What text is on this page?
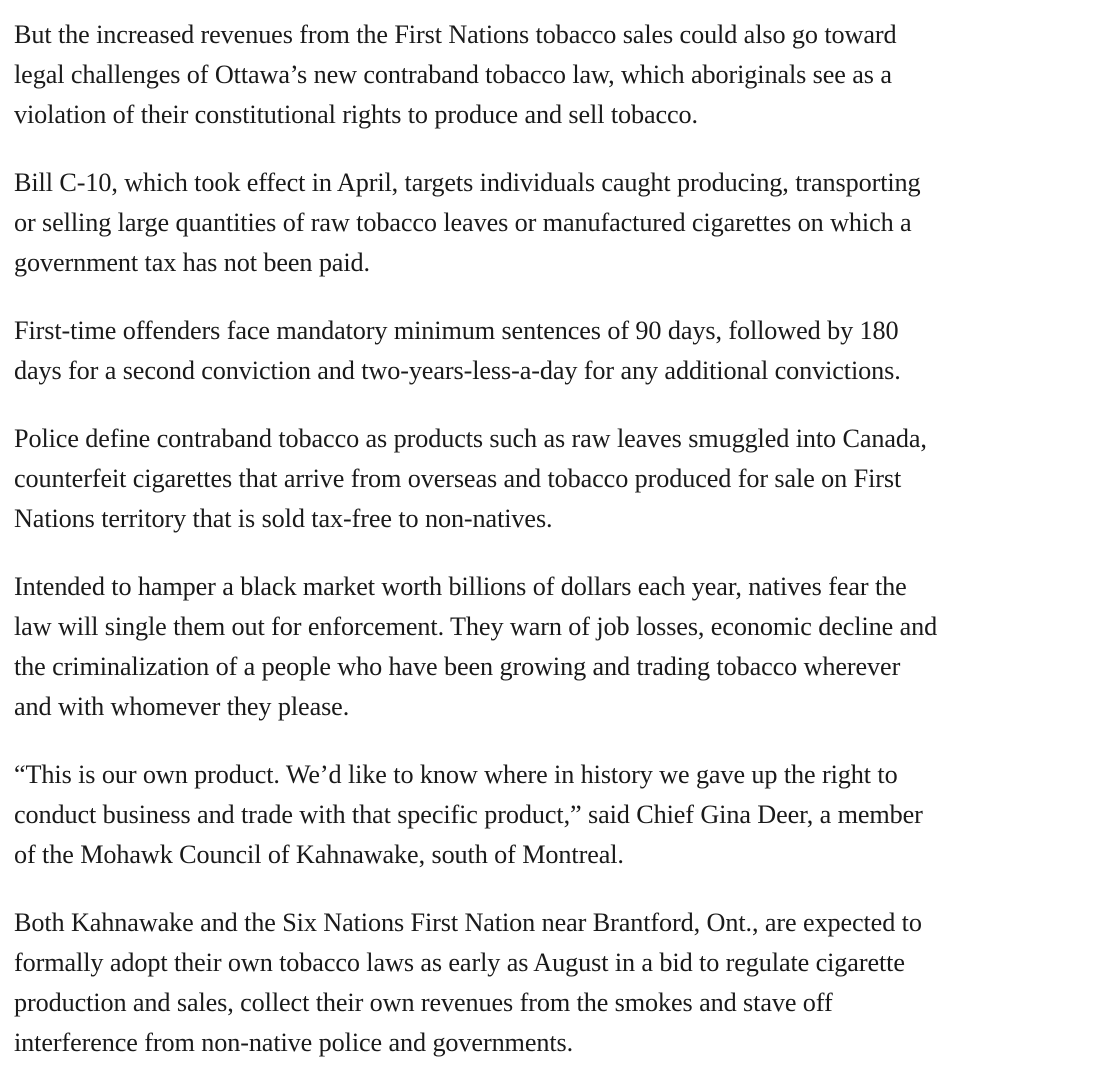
But the increased revenues from the First Nations tobacco sales could also go toward
legal challenges of Ottawa’s new contraband tobacco law, which aboriginals see as a
violation of their constitutional rights to produce and sell tobacco.

Bill C-10, which took effect in April, targets individuals caught producing, transporting
or selling large quantities of raw tobacco leaves or manufactured cigarettes on which a
government tax has not been paid.

First-time offenders face mandatory minimum sentences of 90 days, followed by 180
days for a second conviction and two-years-less-a-day for any additional convictions.

Police define contraband tobacco as products such as raw leaves smuggled into Canada,
counterfeit cigarettes that arrive from overseas and tobacco produced for sale on First
Nations territory that is sold tax-free to non-natives.

Intended to hamper a black market worth billions of dollars each year, natives fear the
law will single them out for enforcement. They warn of job losses, economic decline and
the criminalization of a people who have been growing and trading tobacco wherever
and with whomever they please.

“This is our own product. We’d like to know where in history we gave up the right to
conduct business and trade with that specific product,” said Chief Gina Deer, a member
of the Mohawk Council of Kahnawake, south of Montreal.

Both Kahnawake and the Six Nations First Nation near Brantford, Ont., are expected to
formally adopt their own tobacco laws as early as August in a bid to regulate cigarette
production and sales, collect their own revenues from the smokes and stave off
interference from non-native police and governments.
